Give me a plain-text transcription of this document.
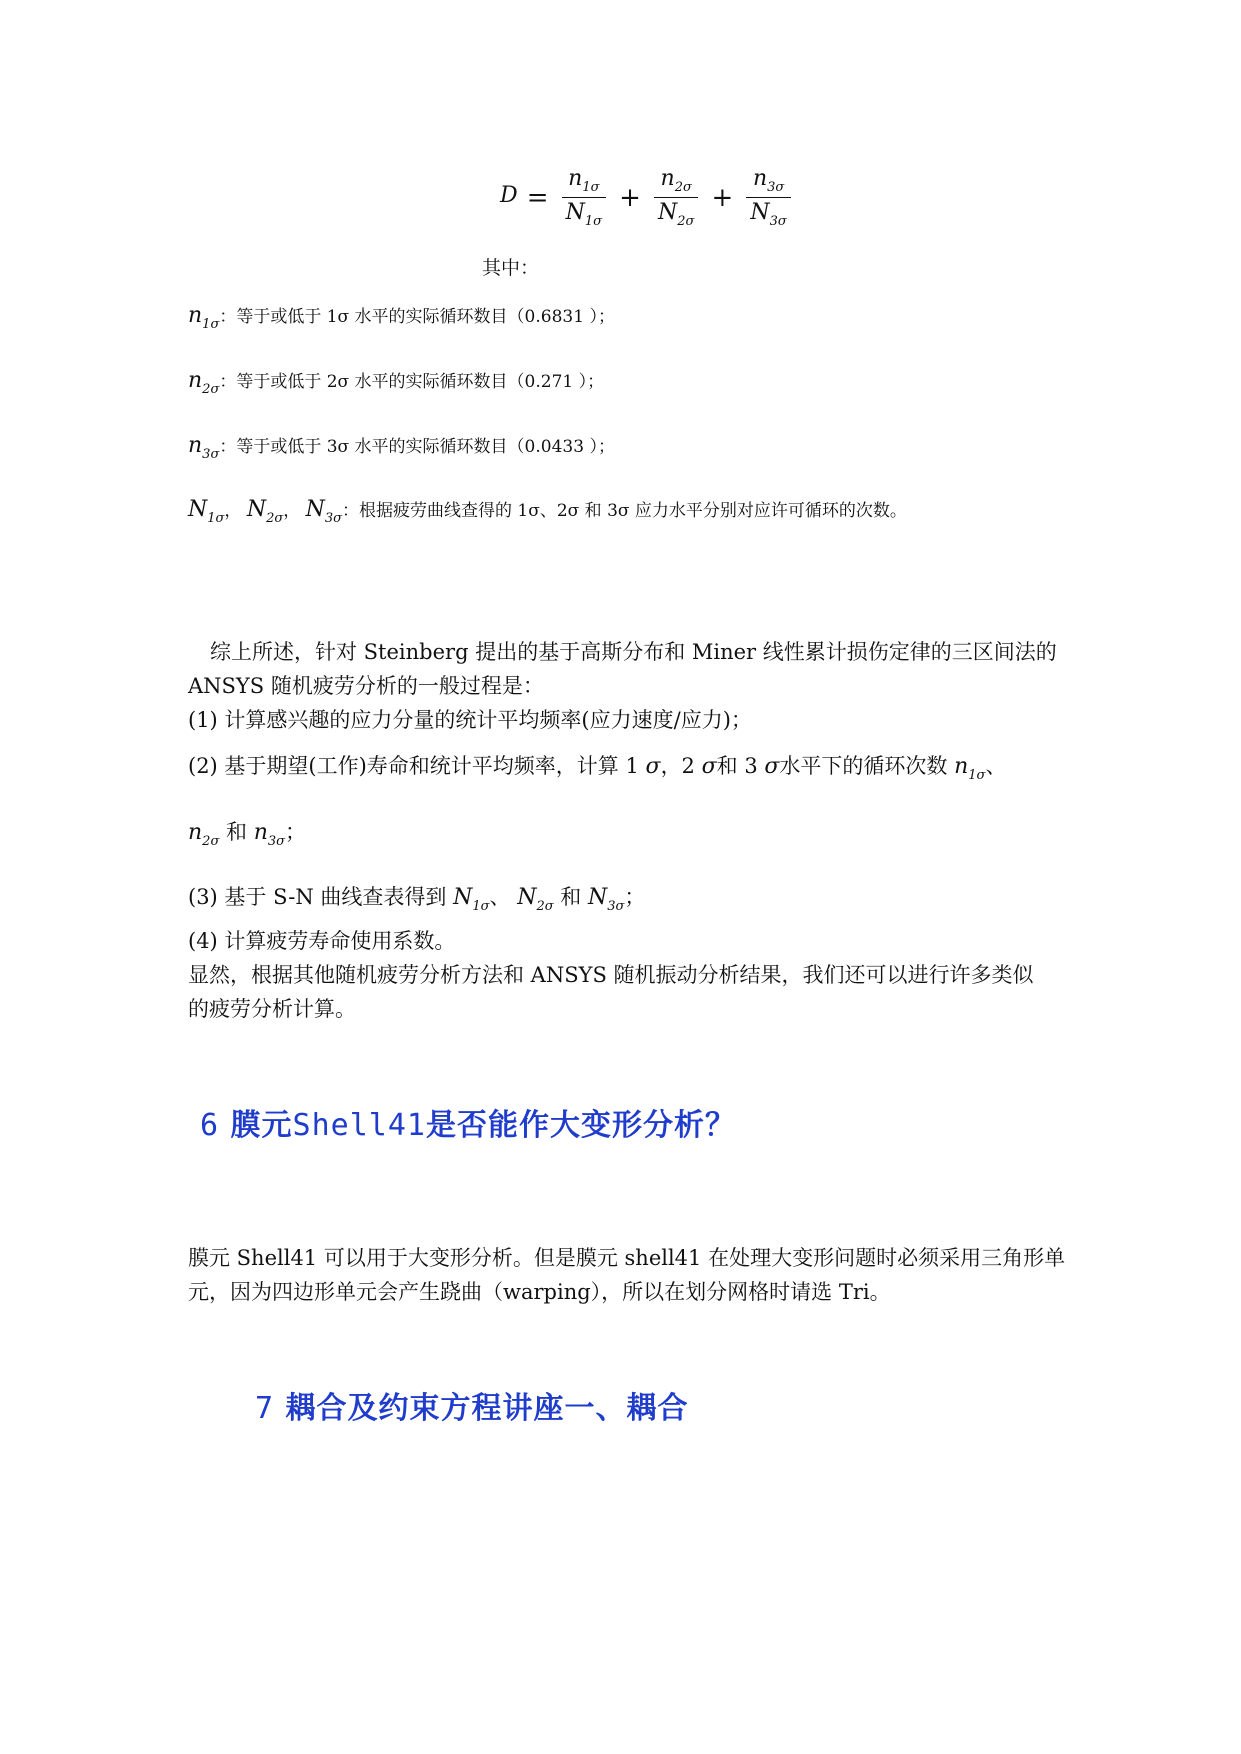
$D = \frac{n_{1\sigma}}{N_{1\sigma}} + \frac{n_{2\sigma}}{N_{2\sigma}} + \frac{n_{3\sigma}}{N_{3\sigma}}$
其中：
$n_{1\sigma}$：等于或低于 1σ 水平的实际循环数目（0.6831 ）；
$n_{2\sigma}$：等于或低于 2σ 水平的实际循环数目（0.271 ）；
$n_{3\sigma}$：等于或低于 3σ 水平的实际循环数目（0.0433 ）；
$N_{1\sigma}$， $N_{2\sigma}$， $N_{3\sigma}$：根据疲劳曲线查得的 1σ、2σ 和 3σ 应力水平分别对应许可循环的次数。
综上所述，针对 Steinberg 提出的基于高斯分布和 Miner 线性累计损伤定律的三区间法的
ANSYS 随机疲劳分析的一般过程是：
(1) 计算感兴趣的应力分量的统计平均频率(应力速度/应力)；
(2) 基于期望(工作)寿命和统计平均频率，计算 1 σ，2 σ和 3 σ水平下的循环次数 $n_{1\sigma}$、
$n_{2\sigma}$ 和 $n_{3\sigma}$；
(3) 基于 S-N 曲线查表得到 $N_{1\sigma}$、 $N_{2\sigma}$ 和 $N_{3\sigma}$；
(4) 计算疲劳寿命使用系数。
显然，根据其他随机疲劳分析方法和 ANSYS 随机振动分析结果，我们还可以进行许多类似
的疲劳分析计算。
6 膜元Shell41是否能作大变形分析？
膜元 Shell41 可以用于大变形分析。但是膜元 shell41 在处理大变形问题时必须采用三角形单
元，因为四边形单元会产生跷曲（warping），所以在划分网格时请选 Tri。
7 耦合及约束方程讲座一、耦合
